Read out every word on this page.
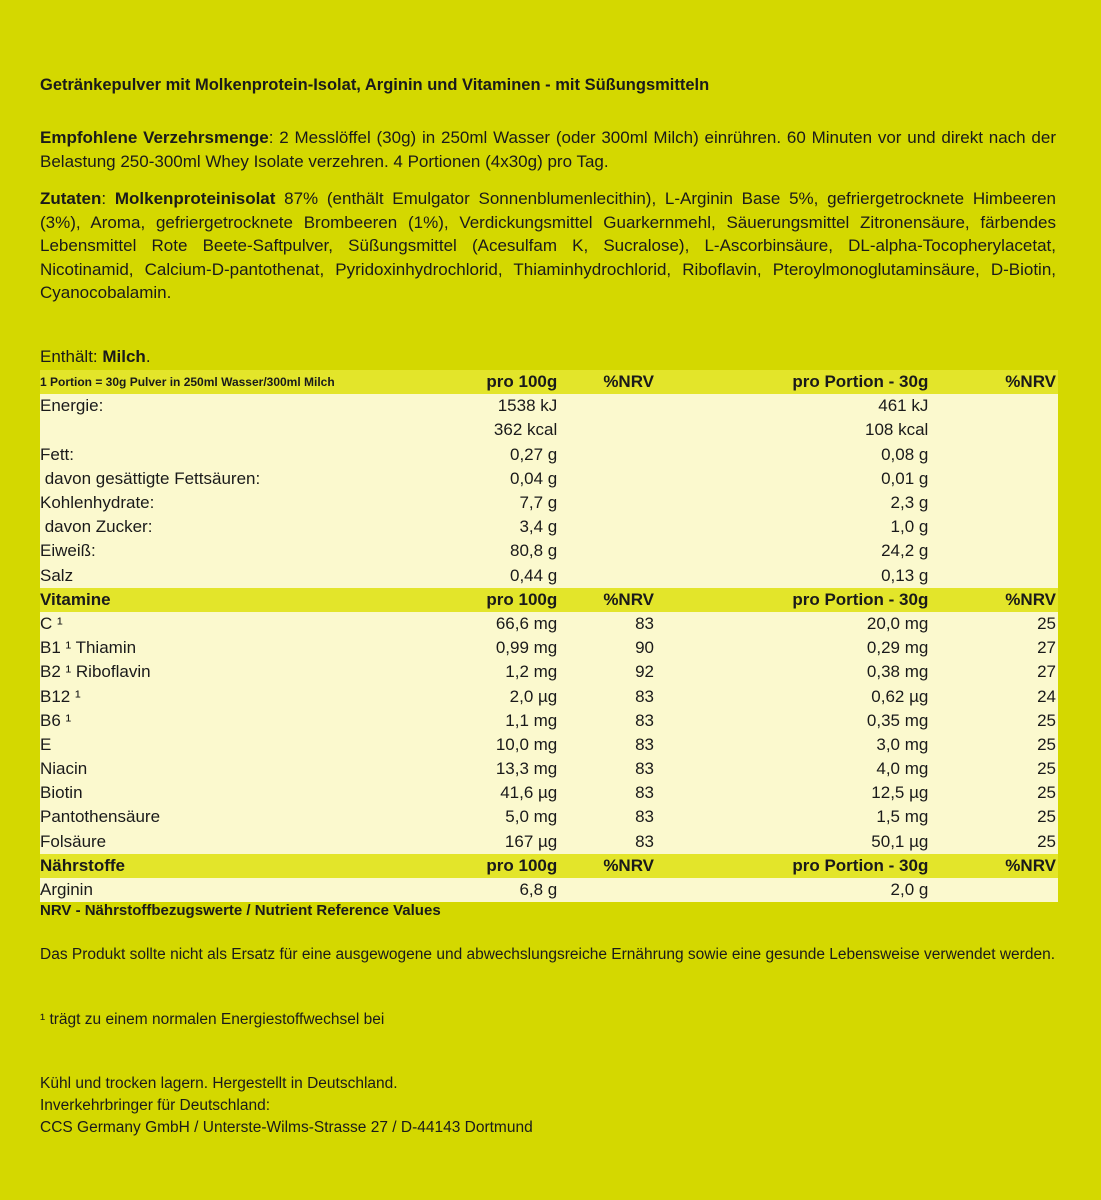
Getränkepulver mit Molkenprotein-Isolat, Arginin und Vitaminen - mit Süßungsmitteln
Empfohlene Verzehrsmenge: 2 Messlöffel (30g) in 250ml Wasser (oder 300ml Milch) einrühren. 60 Minuten vor und direkt nach der Belastung 250-300ml Whey Isolate verzehren. 4 Portionen (4x30g) pro Tag.
Zutaten: Molkenproteinisolat 87% (enthält Emulgator Sonnenblumenlecithin), L-Arginin Base 5%, gefriergetrocknete Himbeeren (3%), Aroma, gefriergetrocknete Brombeeren (1%), Verdickungsmittel Guarkernmehl, Säuerungsmittel Zitronensäure, färbendes Lebensmittel Rote Beete-Saftpulver, Süßungsmittel (Acesulfam K, Sucralose), L-Ascorbinsäure, DL-alpha-Tocopherylacetat, Nicotinamid, Calcium-D-pantothenat, Pyridoxinhydrochlorid, Thiaminhydrochlorid, Riboflavin, Pteroylmonoglutaminsäure, D-Biotin, Cyanocobalamin.
Enthält: Milch.
1 Portion = 30g Pulver in 250ml Wasser/300ml Milch	pro 100g	%NRV	pro Portion - 30g	%NRV
Energie:	1538 kJ		461 kJ	
	362 kcal		108 kcal	
Fett:	0,27 g		0,08 g	
davon gesättigte Fettsäuren:	0,04 g		0,01 g	
Kohlenhydrate:	7,7 g		2,3 g	
davon Zucker:	3,4 g		1,0 g	
Eiweiß:	80,8 g		24,2 g	
Salz	0,44 g		0,13 g	
Vitamine	pro 100g	%NRV	pro Portion - 30g	%NRV
C ¹	66,6 mg	83	20,0 mg	25
B1 ¹ Thiamin	0,99 mg	90	0,29 mg	27
B2 ¹ Riboflavin	1,2 mg	92	0,38 mg	27
B12 ¹	2,0 µg	83	0,62 µg	24
B6 ¹	1,1 mg	83	0,35 mg	25
E	10,0 mg	83	3,0 mg	25
Niacin	13,3 mg	83	4,0 mg	25
Biotin	41,6 µg	83	12,5 µg	25
Pantothensäure	5,0 mg	83	1,5 mg	25
Folsäure	167 µg	83	50,1 µg	25
Nährstoffe	pro 100g	%NRV	pro Portion - 30g	%NRV
Arginin	6,8 g		2,0 g	
NRV - Nährstoffbezugswerte / Nutrient Reference Values
Das Produkt sollte nicht als Ersatz für eine ausgewogene und abwechslungsreiche Ernährung sowie eine gesunde Lebensweise verwendet werden.
¹ trägt zu einem normalen Energiestoffwechsel bei
Kühl und trocken lagern. Hergestellt in Deutschland.
Inverkehrbringer für Deutschland:
CCS Germany GmbH / Unterste-Wilms-Strasse 27 / D-44143 Dortmund
